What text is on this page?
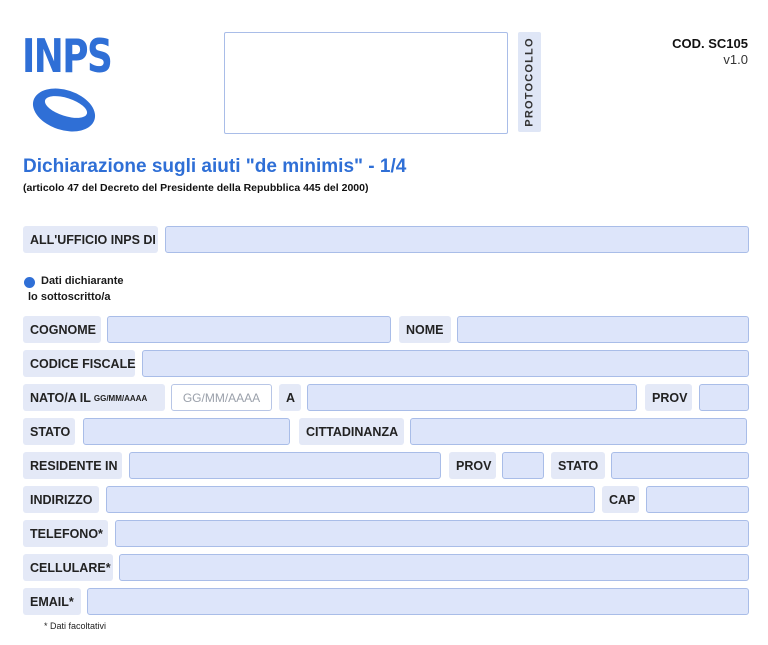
INPS	PROTOCOLLO	COD. SC105
v1.0
Dichiarazione sugli aiuti "de minimis" - 1/4
(articolo 47 del Decreto del Presidente della Repubblica 445 del 2000)
ALL'UFFICIO INPS DI
Dati dichiarante
lo sottoscritto/a
COGNOME	NOME
CODICE FISCALE
NATO/A IL GG/MM/AAAA	GG/MM/AAAA	A	PROV
STATO	CITTADINANZA
RESIDENTE IN	PROV	STATO
INDIRIZZO	CAP
TELEFONO*
CELLULARE*
EMAIL*
* Dati facoltativi
